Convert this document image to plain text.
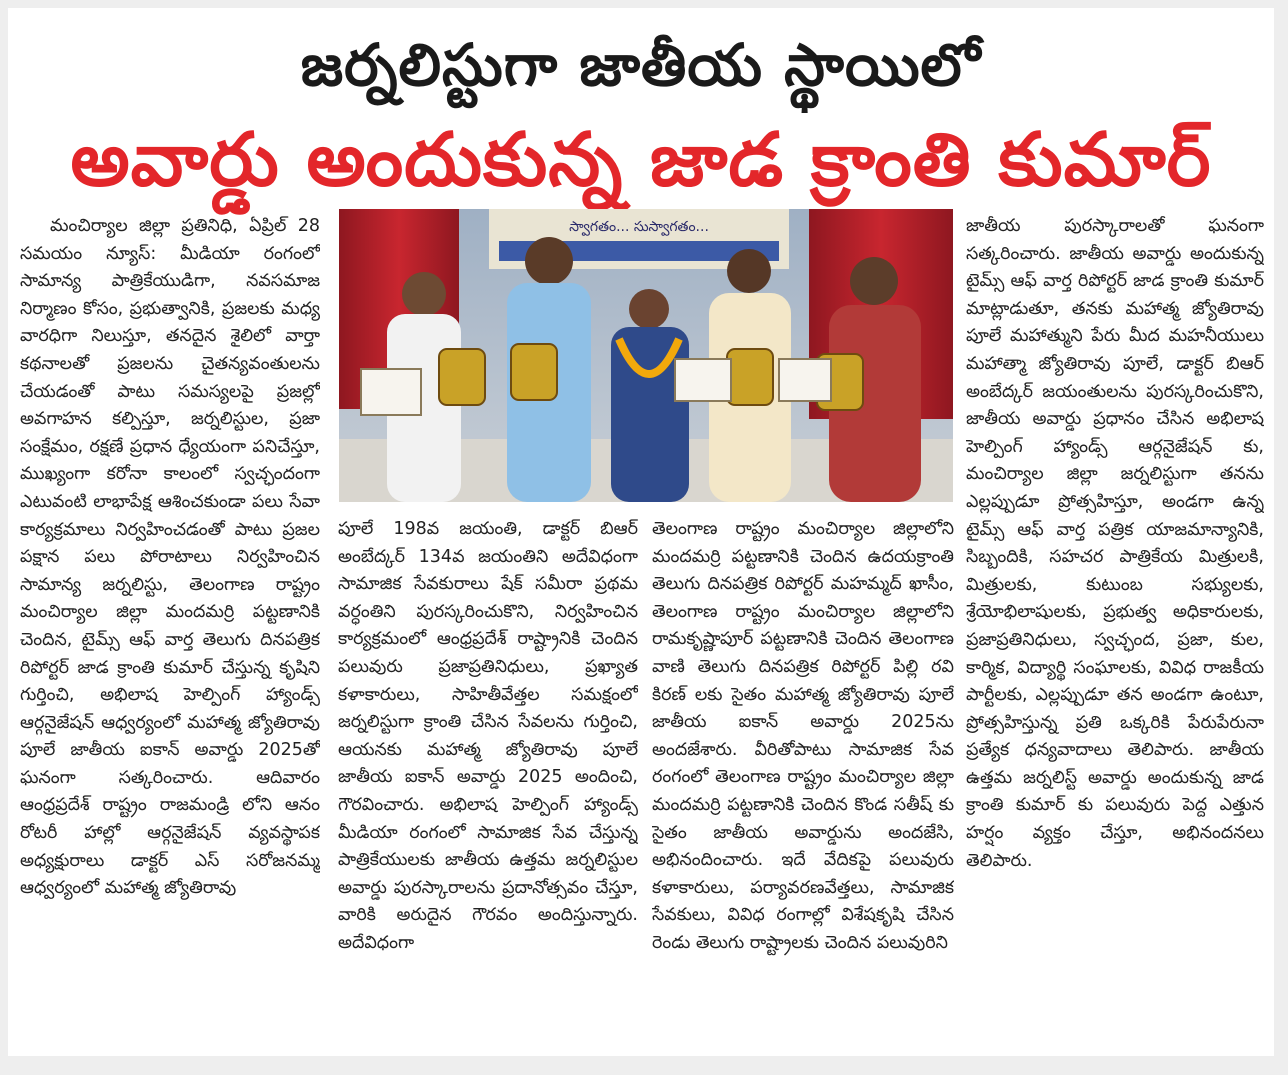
జర్నలిస్టుగా జాతీయ స్థాయిలో
అవార్డు అందుకున్న జాడ క్రాంతి కుమార్
మంచిర్యాల జిల్లా ప్రతినిధి, ఏప్రిల్ 28 సమయం న్యూస్: మీడియా రంగంలో సామాన్య పాత్రికేయుడిగా, నవసమాజ నిర్మాణం కోసం, ప్రభుత్వానికి, ప్రజలకు మధ్య వారధిగా నిలుస్తూ, తనదైన శైలిలో వార్తా కథనాలతో ప్రజలను చైతన్యవంతులను చేయడంతో పాటు సమస్యలపై ప్రజల్లో అవగాహన కల్పిస్తూ, జర్నలిస్టుల, ప్రజా సంక్షేమం, రక్షణే ప్రధాన ధ్యేయంగా పనిచేస్తూ, ముఖ్యంగా కరోనా కాలంలో స్వచ్ఛందంగా ఎటువంటి లాభాపేక్ష ఆశించకుండా పలు సేవా కార్యక్రమాలు నిర్వహించడంతో పాటు ప్రజల పక్షాన పలు పోరాటాలు నిర్వహించిన సామాన్య జర్నలిస్టు, తెలంగాణ రాష్ట్రం మంచిర్యాల జిల్లా మందమర్రి పట్టణానికి చెందిన, టైమ్స్ ఆఫ్ వార్త తెలుగు దినపత్రిక రిపోర్టర్ జాడ క్రాంతి కుమార్ చేస్తున్న కృషిని గుర్తించి, అభిలాష హెల్పింగ్ హ్యాండ్స్ ఆర్గనైజేషన్ ఆధ్వర్యంలో మహాత్మ జ్యోతిరావు పూలే జాతీయ ఐకాన్ అవార్డు 2025తో ఘనంగా సత్కరించారు. ఆదివారం ఆంధ్రప్రదేశ్ రాష్ట్రం రాజమండ్రి లోని ఆనం రోటరీ హాల్లో ఆర్గనైజేషన్ వ్యవస్థాపక అధ్యక్షురాలు డాక్టర్ ఎస్ సరోజనమ్మ ఆధ్వర్యంలో మహాత్మ జ్యోతిరావు
స్వాగతం... సుస్వాగతం...
పూలే 198వ జయంతి, డాక్టర్ బిఆర్ అంబేద్కర్ 134వ జయంతిని అదేవిధంగా సామాజిక సేవకురాలు షేక్ సమీరా ప్రథమ వర్ధంతిని పురస్కరించుకొని, నిర్వహించిన కార్యక్రమంలో ఆంధ్రప్రదేశ్ రాష్ట్రానికి చెందిన పలువురు ప్రజాప్రతినిధులు, ప్రఖ్యాత కళాకారులు, సాహితీవేత్తల సమక్షంలో జర్నలిస్టుగా క్రాంతి చేసిన సేవలను గుర్తించి, ఆయనకు మహాత్మ జ్యోతిరావు పూలే జాతీయ ఐకాన్ అవార్డు 2025 అందించి, గౌరవించారు. అభిలాష హెల్పింగ్ హ్యాండ్స్ మీడియా రంగంలో సామాజిక సేవ చేస్తున్న పాత్రికేయులకు జాతీయ ఉత్తమ జర్నలిస్టుల అవార్డు పురస్కారాలను ప్రదానోత్సవం చేస్తూ, వారికి అరుదైన గౌరవం అందిస్తున్నారు. అదేవిధంగా
తెలంగాణ రాష్ట్రం మంచిర్యాల జిల్లాలోని మందమర్రి పట్టణానికి చెందిన ఉదయక్రాంతి తెలుగు దినపత్రిక రిపోర్టర్ మహమ్మద్ ఖాసీం, తెలంగాణ రాష్ట్రం మంచిర్యాల జిల్లాలోని రామకృష్ణాపూర్ పట్టణానికి చెందిన తెలంగాణ వాణి తెలుగు దినపత్రిక రిపోర్టర్ పిల్లి రవి కిరణ్ లకు సైతం మహాత్మ జ్యోతిరావు పూలే జాతీయ ఐకాన్ అవార్డు 2025ను అందజేశారు. వీరితోపాటు సామాజిక సేవ రంగంలో తెలంగాణ రాష్ట్రం మంచిర్యాల జిల్లా మందమర్రి పట్టణానికి చెందిన కొండ సతీష్ కు సైతం జాతీయ అవార్డును అందజేసి, అభినందించారు. ఇదే వేదికపై పలువురు కళాకారులు, పర్యావరణవేత్తలు, సామాజిక సేవకులు, వివిధ రంగాల్లో విశేషకృషి చేసిన రెండు తెలుగు రాష్ట్రాలకు చెందిన పలువురిని
జాతీయ పురస్కారాలతో ఘనంగా సత్కరించారు. జాతీయ అవార్డు అందుకున్న టైమ్స్ ఆఫ్ వార్త రిపోర్టర్ జాడ క్రాంతి కుమార్ మాట్లాడుతూ, తనకు మహాత్మ జ్యోతిరావు పూలే మహాత్ముని పేరు మీద మహనీయులు మహాత్మా జ్యోతిరావు పూలే, డాక్టర్ బిఆర్ అంబేద్కర్ జయంతులను పురస్కరించుకొని, జాతీయ అవార్డు ప్రధానం చేసిన అభిలాష హెల్పింగ్ హ్యాండ్స్ ఆర్గనైజేషన్ కు, మంచిర్యాల జిల్లా జర్నలిస్టుగా తనను ఎల్లప్పుడూ ప్రోత్సహిస్తూ, అండగా ఉన్న టైమ్స్ ఆఫ్ వార్త పత్రిక యాజమాన్యానికి, సిబ్బందికి, సహచర పాత్రికేయ మిత్రులకి, మిత్రులకు, కుటుంబ సభ్యులకు, శ్రేయోభిలాషులకు, ప్రభుత్వ అధికారులకు, ప్రజాప్రతినిధులు, స్వచ్ఛంద, ప్రజా, కుల, కార్మిక, విద్యార్థి సంఘాలకు, వివిధ రాజకీయ పార్టీలకు, ఎల్లప్పుడూ తన అండగా ఉంటూ, ప్రోత్సహిస్తున్న ప్రతి ఒక్కరికి పేరుపేరునా ప్రత్యేక ధన్యవాదాలు తెలిపారు. జాతీయ ఉత్తమ జర్నలిస్ట్ అవార్డు అందుకున్న జాడ క్రాంతి కుమార్ కు పలువురు పెద్ద ఎత్తున హర్షం వ్యక్తం చేస్తూ, అభినందనలు తెలిపారు.
